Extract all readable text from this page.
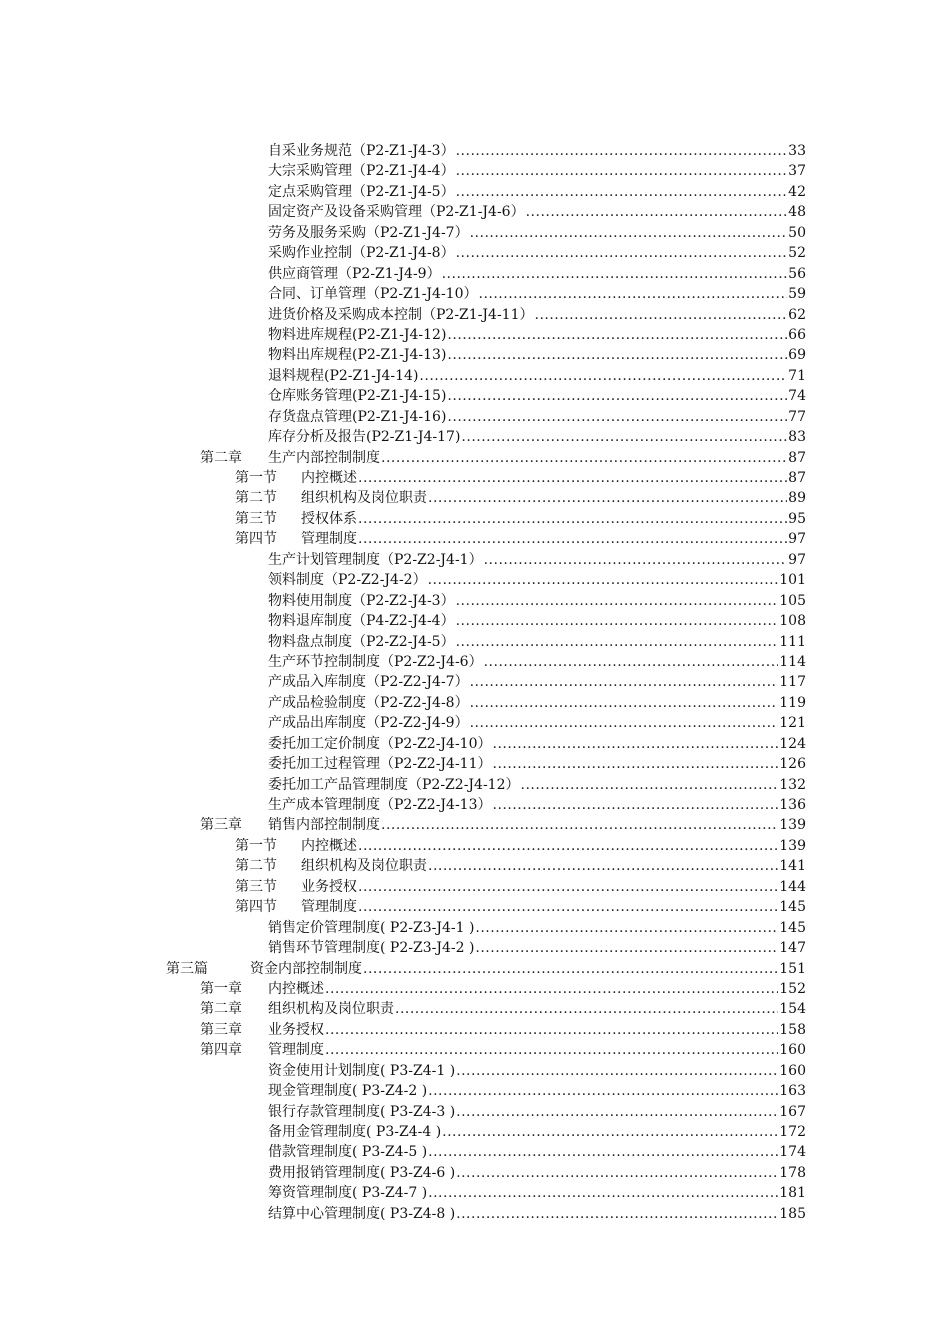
自采业务规范（P2-Z1-J4-3） .....	33
大宗采购管理（P2-Z1-J4-4） .....	37
定点采购管理（P2-Z1-J4-5） .....	42
固定资产及设备采购管理（P2-Z1-J4-6） .....	48
劳务及服务采购（P2-Z1-J4-7） .....	50
采购作业控制（P2-Z1-J4-8） .....	52
供应商管理（P2-Z1-J4-9） .....	56
合同、订单管理（P2-Z1-J4-10） .....	59
进货价格及采购成本控制（P2-Z1-J4-11） .....	62
物料进库规程(P2-Z1-J4-12) .....	66
物料出库规程(P2-Z1-J4-13) .....	69
退料规程(P2-Z1-J4-14) .....	71
仓库账务管理(P2-Z1-J4-15) .....	74
存货盘点管理(P2-Z1-J4-16) .....	77
库存分析及报告(P2-Z1-J4-17) .....	83
第二章 生产内部控制制度 .....	87
第一节 内控概述 .....	87
第二节 组织机构及岗位职责 .....	89
第三节 授权体系 .....	95
第四节 管理制度 .....	97
生产计划管理制度（P2-Z2-J4-1） .....	97
领料制度（P2-Z2-J4-2） .....	101
物料使用制度（P2-Z2-J4-3） .....	105
物料退库制度（P4-Z2-J4-4） .....	108
物料盘点制度（P2-Z2-J4-5） .....	111
生产环节控制制度（P2-Z2-J4-6） .....	114
产成品入库制度（P2-Z2-J4-7） .....	117
产成品检验制度（P2-Z2-J4-8） .....	119
产成品出库制度（P2-Z2-J4-9） .....	121
委托加工定价制度（P2-Z2-J4-10） .....	124
委托加工过程管理（P2-Z2-J4-11） .....	126
委托加工产品管理制度（P2-Z2-J4-12） .....	132
生产成本管理制度（P2-Z2-J4-13） .....	136
第三章 销售内部控制制度 .....	139
第一节 内控概述 .....	139
第二节 组织机构及岗位职责 .....	141
第三节 业务授权 .....	144
第四节 管理制度 .....	145
销售定价管理制度( P2-Z3-J4-1 ) .....	145
销售环节管理制度( P2-Z3-J4-2 ) .....	147
第三篇	资金内部控制制度 .....	151
第一章 内控概述 .....	152
第二章 组织机构及岗位职责 .....	154
第三章 业务授权 .....	158
第四章 管理制度 .....	160
资金使用计划制度( P3-Z4-1 ) .....	160
现金管理制度( P3-Z4-2 ) .....	163
银行存款管理制度( P3-Z4-3 ) .....	167
备用金管理制度( P3-Z4-4 ) .....	172
借款管理制度( P3-Z4-5 ) .....	174
费用报销管理制度( P3-Z4-6 ) .....	178
筹资管理制度( P3-Z4-7 ) .....	181
结算中心管理制度( P3-Z4-8 ) .....	185
